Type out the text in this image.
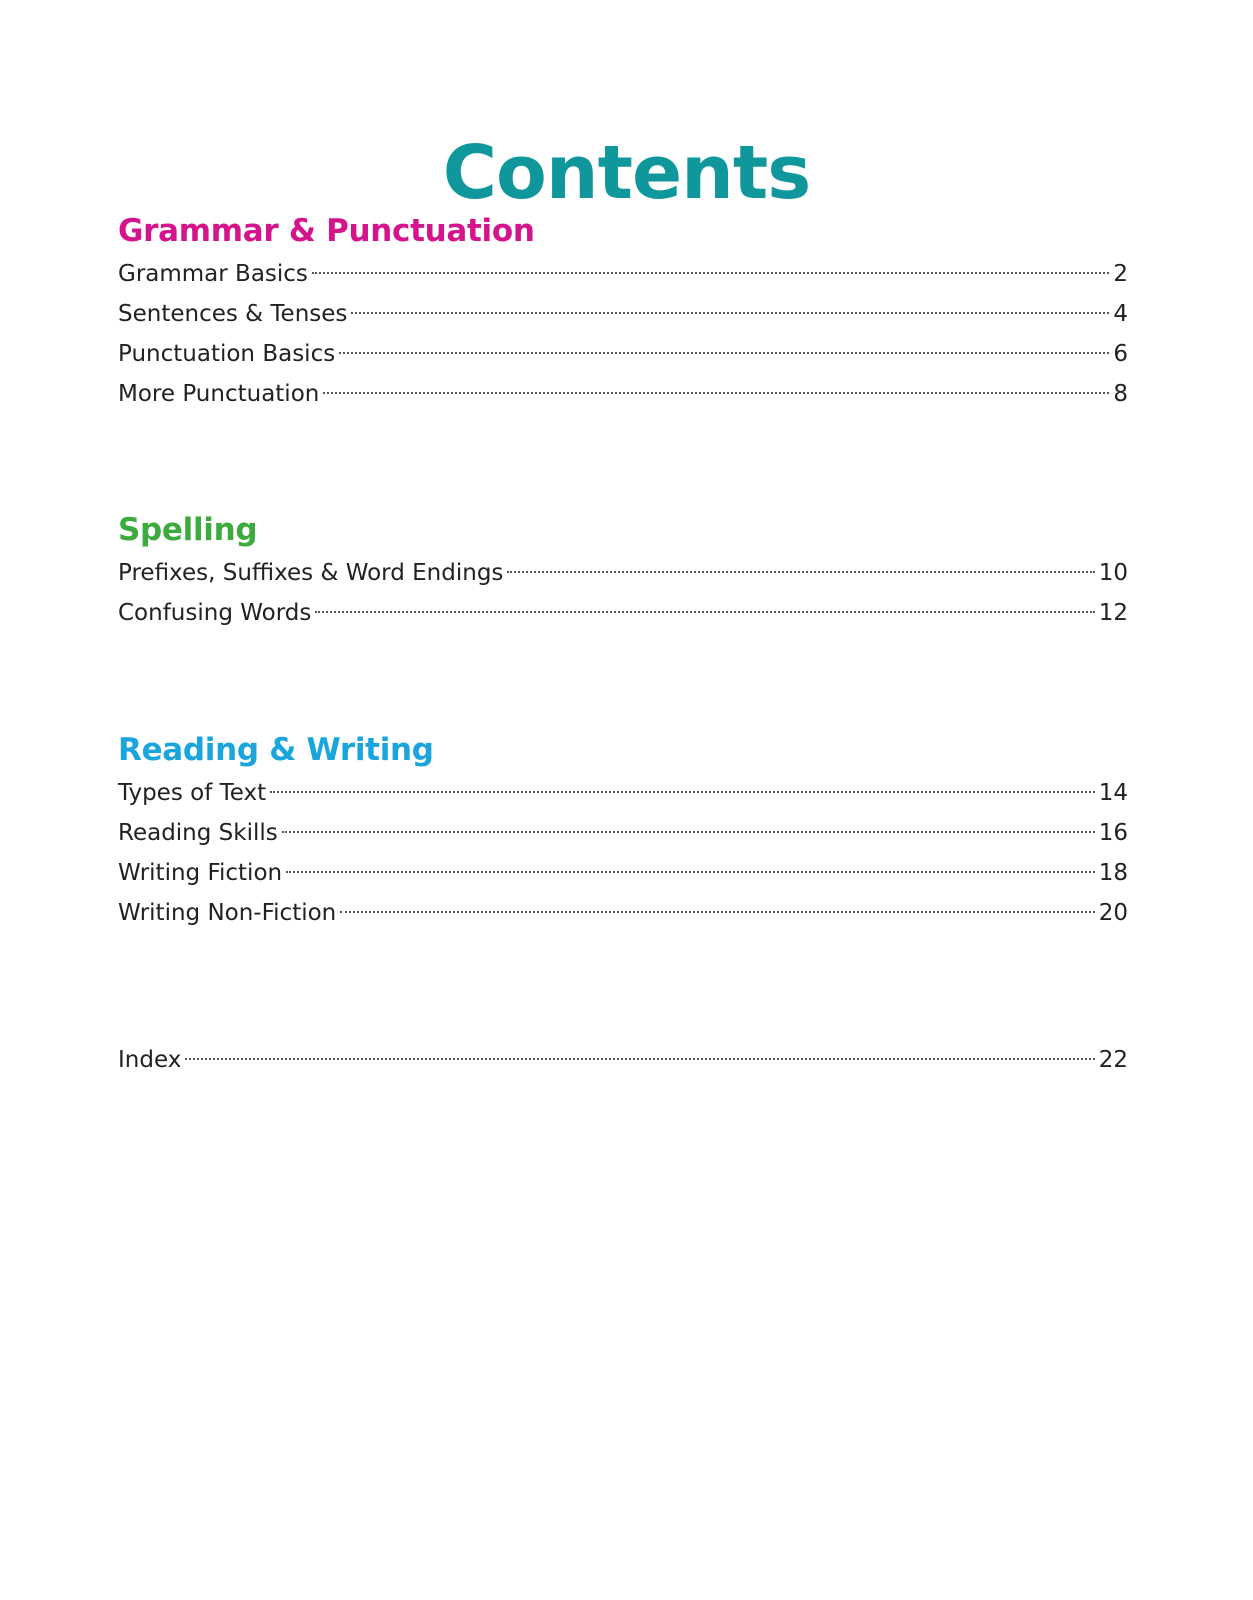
Contents
Grammar & Punctuation
Grammar Basics	2
Sentences & Tenses	4
Punctuation Basics	6
More Punctuation	8
Spelling
Prefixes, Suffixes & Word Endings	10
Confusing Words	12
Reading & Writing
Types of Text	14
Reading Skills	16
Writing Fiction	18
Writing Non-Fiction	20
Index	22
